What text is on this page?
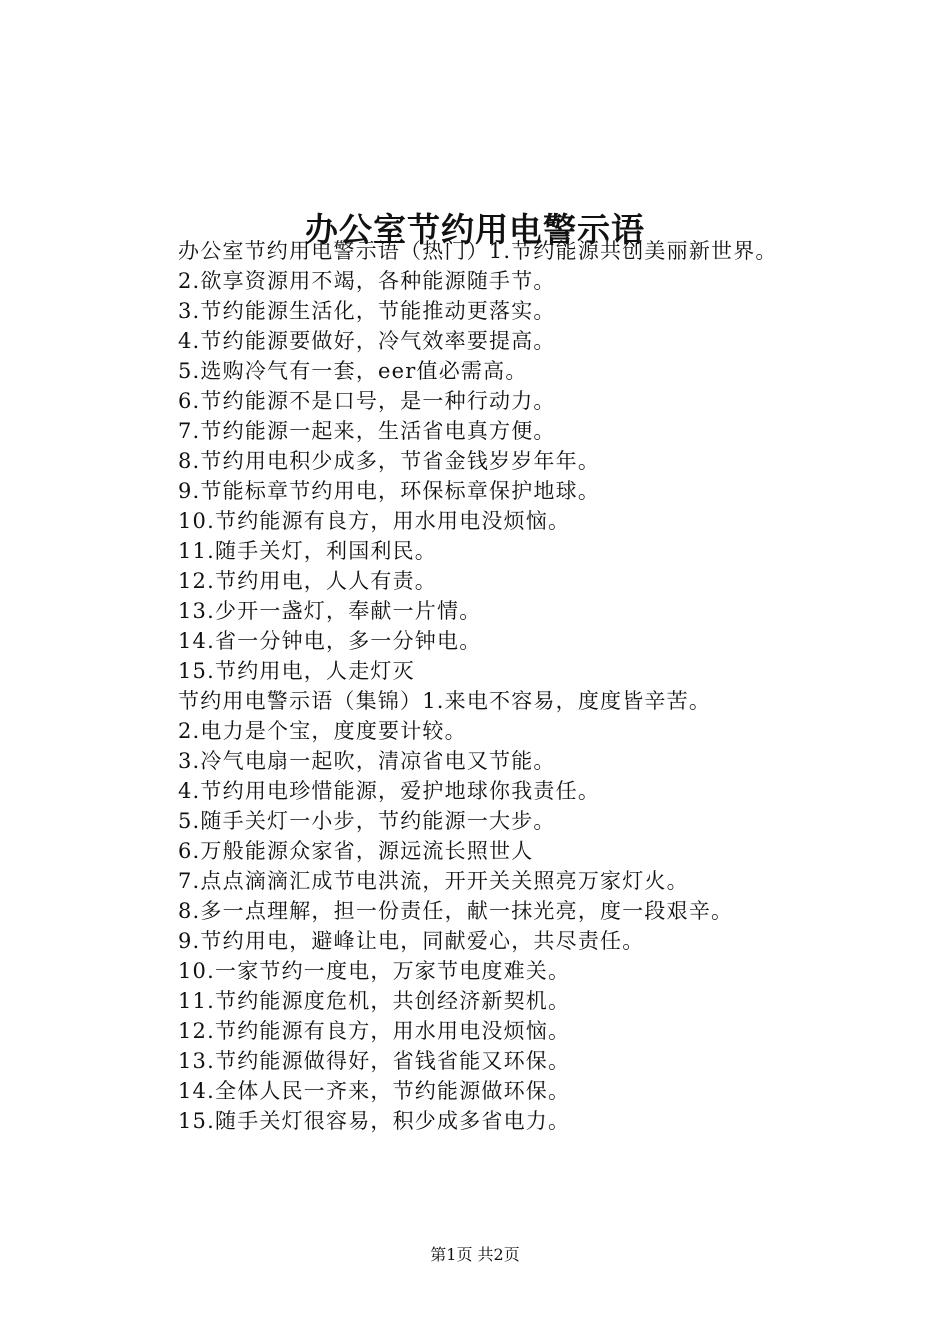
办公室节约用电警示语

办公室节约用电警示语（热门）1.节约能源共创美丽新世界。

2.欲享资源用不竭，各种能源随手节。

3.节约能源生活化，节能推动更落实。

4.节约能源要做好，冷气效率要提高。

5.选购冷气有一套，eer值必需高。

6.节约能源不是口号，是一种行动力。

7.节约能源一起来，生活省电真方便。

8.节约用电积少成多，节省金钱岁岁年年。

9.节能标章节约用电，环保标章保护地球。

10.节约能源有良方，用水用电没烦恼。

11.随手关灯，利国利民。

12.节约用电，人人有责。

13.少开一盏灯，奉献一片情。

14.省一分钟电，多一分钟电。

15.节约用电，人走灯灭

节约用电警示语（集锦）1.来电不容易，度度皆辛苦。

2.电力是个宝，度度要计较。

3.冷气电扇一起吹，清凉省电又节能。

4.节约用电珍惜能源，爱护地球你我责任。

5.随手关灯一小步，节约能源一大步。

6.万般能源众家省，源远流长照世人

7.点点滴滴汇成节电洪流，开开关关照亮万家灯火。

8.多一点理解，担一份责任，献一抹光亮，度一段艰辛。

9.节约用电，避峰让电，同献爱心，共尽责任。

10.一家节约一度电，万家节电度难关。

11.节约能源度危机，共创经济新契机。

12.节约能源有良方，用水用电没烦恼。

13.节约能源做得好，省钱省能又环保。

14.全体人民一齐来，节约能源做环保。

15.随手关灯很容易，积少成多省电力。

第1页 共2页
